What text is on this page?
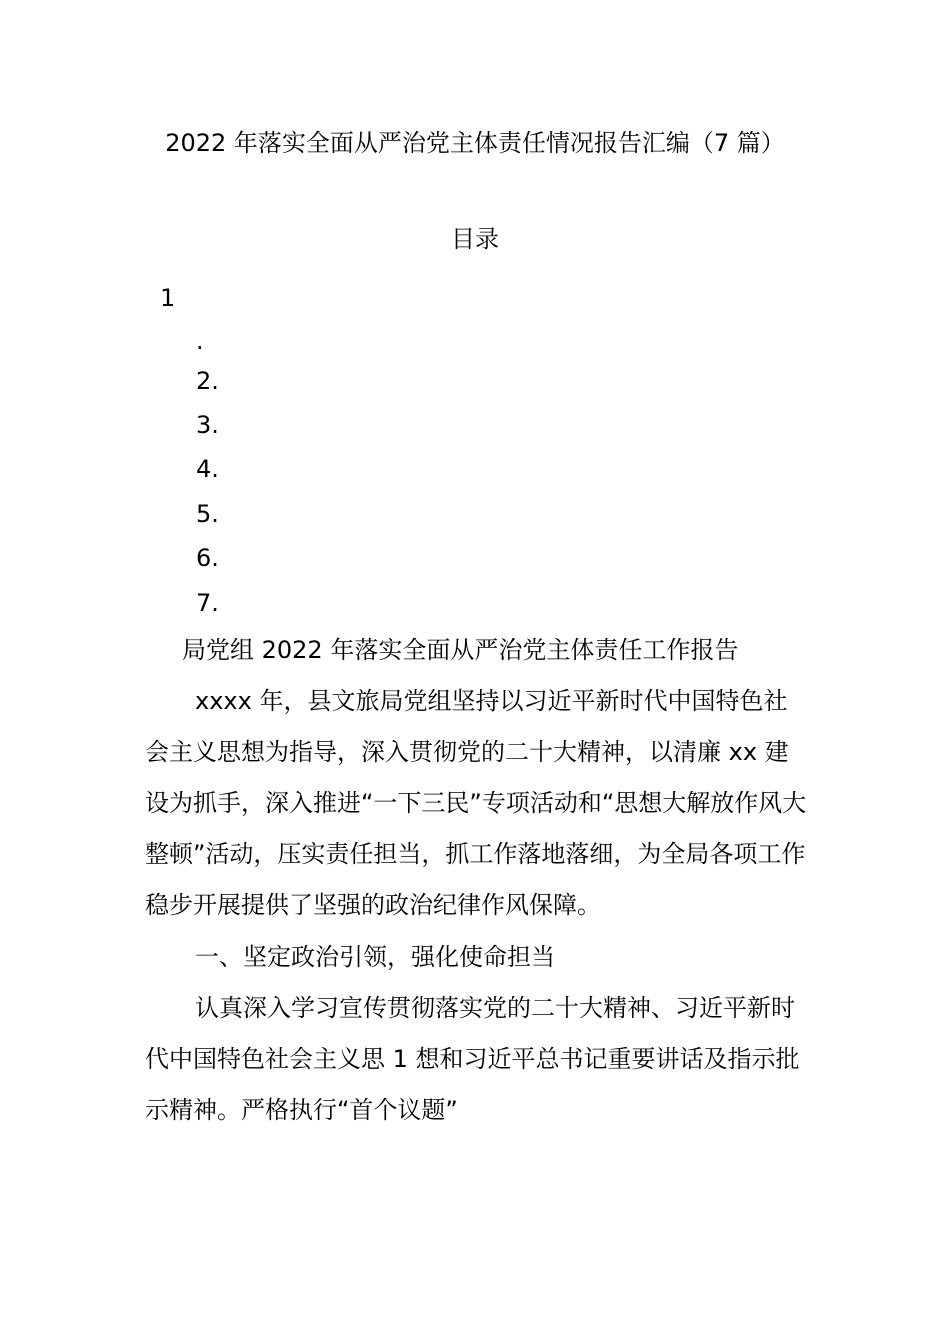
2022 年落实全面从严治党主体责任情况报告汇编（7 篇）
目录
1
.
2.
3.
4.
5.
6.
7.
局党组 2022 年落实全面从严治党主体责任工作报告

xxxx 年，县文旅局党组坚持以习近平新时代中国特色社会主义思想为指导，深入贯彻党的二十大精神，以清廉 xx 建设为抓手，深入推进“一下三民”专项活动和“思想大解放作风大整顿”活动，压实责任担当，抓工作落地落细，为全局各项工作稳步开展提供了坚强的政治纪律作风保障。

一、坚定政治引领，强化使命担当

认真深入学习宣传贯彻落实党的二十大精神、习近平新时代中国特色社会主义思 1 想和习近平总书记重要讲话及指示批示精神。严格执行“首个议题”
